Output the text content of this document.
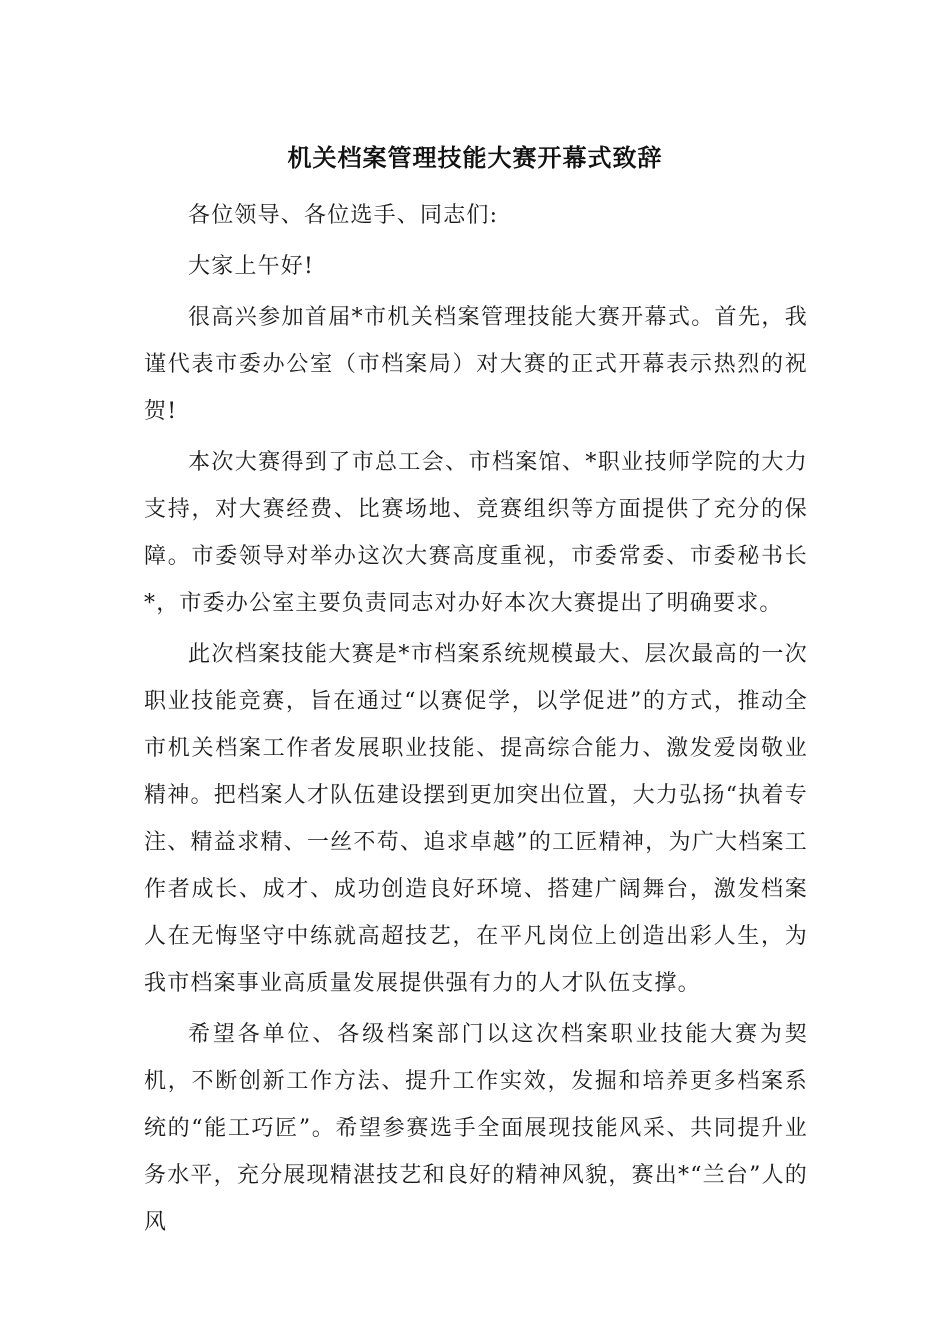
机关档案管理技能大赛开幕式致辞

各位领导、各位选手、同志们:

大家上午好!

很高兴参加首届*市机关档案管理技能大赛开幕式。首先，我谨代表市委办公室（市档案局）对大赛的正式开幕表示热烈的祝贺!

本次大赛得到了市总工会、市档案馆、*职业技师学院的大力支持，对大赛经费、比赛场地、竞赛组织等方面提供了充分的保障。市委领导对举办这次大赛高度重视，市委常委、市委秘书长*，市委办公室主要负责同志对办好本次大赛提出了明确要求。

此次档案技能大赛是*市档案系统规模最大、层次最高的一次职业技能竞赛，旨在通过“以赛促学，以学促进”的方式，推动全市机关档案工作者发展职业技能、提高综合能力、激发爱岗敬业精神。把档案人才队伍建设摆到更加突出位置，大力弘扬“执着专注、精益求精、一丝不苟、追求卓越”的工匠精神，为广大档案工作者成长、成才、成功创造良好环境、搭建广阔舞台，激发档案人在无悔坚守中练就高超技艺，在平凡岗位上创造出彩人生，为我市档案事业高质量发展提供强有力的人才队伍支撑。

希望各单位、各级档案部门以这次档案职业技能大赛为契机，不断创新工作方法、提升工作实效，发掘和培养更多档案系统的“能工巧匠”。希望参赛选手全面展现技能风采、共同提升业务水平，充分展现精湛技艺和良好的精神风貌，赛出*“兰台”人的风
